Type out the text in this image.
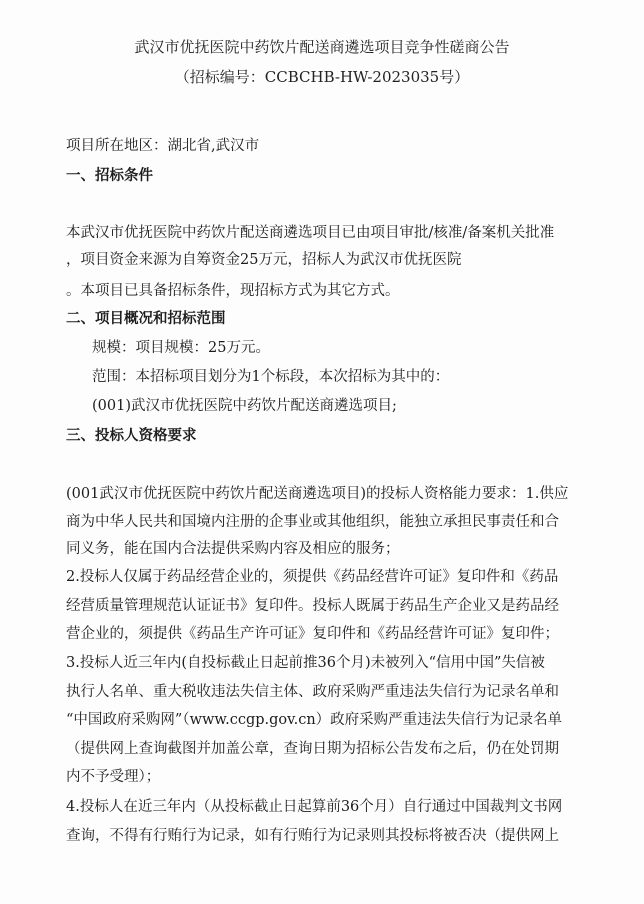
武汉市优抚医院中药饮片配送商遴选项目竞争性磋商公告
（招标编号：CCBCHB-HW-2023035号）
项目所在地区：湖北省,武汉市
一、招标条件
本武汉市优抚医院中药饮片配送商遴选项目已由项目审批/核准/备案机关批准
，项目资金来源为自筹资金25万元，招标人为武汉市优抚医院
。本项目已具备招标条件，现招标方式为其它方式。
二、项目概况和招标范围
规模：项目规模：25万元。
范围：本招标项目划分为1个标段，本次招标为其中的：
(001)武汉市优抚医院中药饮片配送商遴选项目;
三、投标人资格要求
(001武汉市优抚医院中药饮片配送商遴选项目)的投标人资格能力要求：1.供应
商为中华人民共和国境内注册的企事业或其他组织，能独立承担民事责任和合
同义务，能在国内合法提供采购内容及相应的服务；
2.投标人仅属于药品经营企业的，须提供《药品经营许可证》复印件和《药品
经营质量管理规范认证证书》复印件。投标人既属于药品生产企业又是药品经
营企业的，须提供《药品生产许可证》复印件和《药品经营许可证》复印件；
3.投标人近三年内(自投标截止日起前推36个月)未被列入“信用中国”失信被
执行人名单、重大税收违法失信主体、政府采购严重违法失信行为记录名单和
“中国政府采购网”（www.ccgp.gov.cn）政府采购严重违法失信行为记录名单
（提供网上查询截图并加盖公章，查询日期为招标公告发布之后，仍在处罚期
内不予受理）；
4.投标人在近三年内（从投标截止日起算前36个月）自行通过中国裁判文书网
查询，不得有行贿行为记录，如有行贿行为记录则其投标将被否决（提供网上
